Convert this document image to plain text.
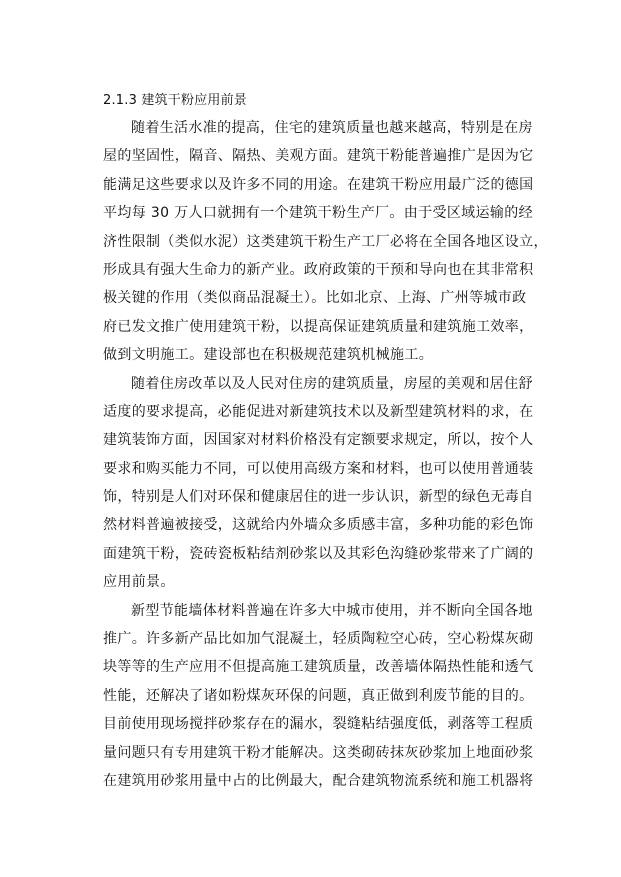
2.1.3 建筑干粉应用前景
随着生活水准的提高，住宅的建筑质量也越来越高，特别是在房
屋的坚固性，隔音、隔热、美观方面。建筑干粉能普遍推广是因为它
能满足这些要求以及许多不同的用途。在建筑干粉应用最广泛的德国
平均每 30 万人口就拥有一个建筑干粉生产厂。由于受区域运输的经
济性限制（类似水泥）这类建筑干粉生产工厂必将在全国各地区设立，
形成具有强大生命力的新产业。政府政策的干预和导向也在其非常积
极关键的作用（类似商品混凝土）。比如北京、上海、广州等城市政
府已发文推广使用建筑干粉，以提高保证建筑质量和建筑施工效率，
做到文明施工。建设部也在积极规范建筑机械施工。
随着住房改革以及人民对住房的建筑质量，房屋的美观和居住舒
适度的要求提高，必能促进对新建筑技术以及新型建筑材料的求，在
建筑装饰方面，因国家对材料价格没有定额要求规定，所以，按个人
要求和购买能力不同，可以使用高级方案和材料，也可以使用普通装
饰，特别是人们对环保和健康居住的进一步认识，新型的绿色无毒自
然材料普遍被接受，这就给内外墙众多质感丰富，多种功能的彩色饰
面建筑干粉，瓷砖瓷板粘结剂砂浆以及其彩色沟缝砂浆带来了广阔的
应用前景。
新型节能墙体材料普遍在许多大中城市使用，并不断向全国各地
推广。许多新产品比如加气混凝土，轻质陶粒空心砖，空心粉煤灰砌
块等等的生产应用不但提高施工建筑质量，改善墙体隔热性能和透气
性能，还解决了诸如粉煤灰环保的问题，真正做到利废节能的目的。
目前使用现场搅拌砂浆存在的漏水，裂缝粘结强度低，剥落等工程质
量问题只有专用建筑干粉才能解决。这类砌砖抹灰砂浆加上地面砂浆
在建筑用砂浆用量中占的比例最大，配合建筑物流系统和施工机器将
